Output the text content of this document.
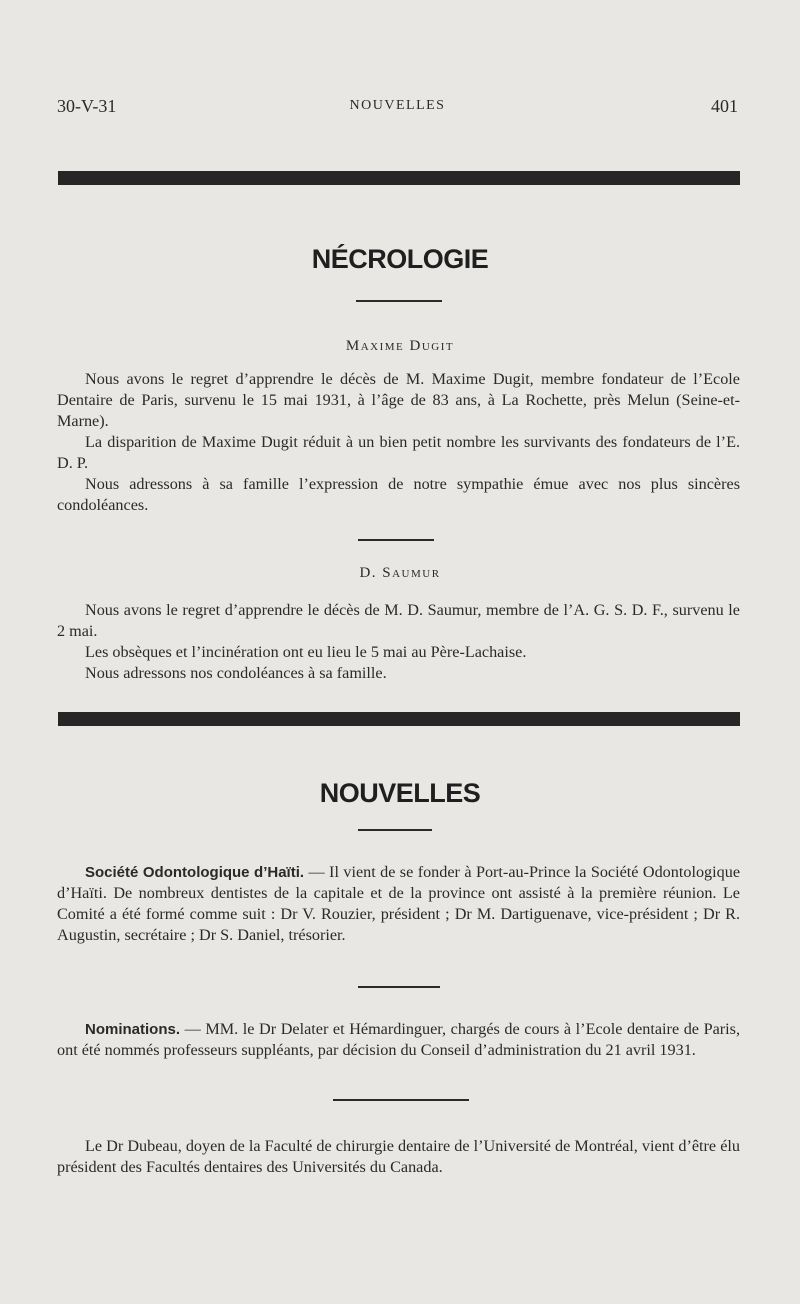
30-V-31	NOUVELLES	401
NÉCROLOGIE
Maxime Dugit

Nous avons le regret d’apprendre le décès de M. Maxime Dugit, membre fondateur de l’Ecole Dentaire de Paris, survenu le 15 mai 1931, à l’âge de 83 ans, à La Rochette, près Melun (Seine-et-Marne).

La disparition de Maxime Dugit réduit à un bien petit nombre les survivants des fondateurs de l’E. D. P.

Nous adressons à sa famille l’expression de notre sympathie émue avec nos plus sincères condoléances.

D. Saumur

Nous avons le regret d’apprendre le décès de M. D. Saumur, membre de l’A. G. S. D. F., survenu le 2 mai.

Les obsèques et l’incinération ont eu lieu le 5 mai au Père-Lachaise.

Nous adressons nos condoléances à sa famille.

NOUVELLES

Société Odontologique d’Haïti. — Il vient de se fonder à Port-au-Prince la Société Odontologique d’Haïti. De nombreux dentistes de la capitale et de la province ont assisté à la première réunion. Le Comité a été formé comme suit : Dr V. Rouzier, président ; Dr M. Dartiguenave, vice-président ; Dr R. Augustin, secrétaire ; Dr S. Daniel, trésorier.

Nominations. — MM. le Dr Delater et Hémardinguer, chargés de cours à l’Ecole dentaire de Paris, ont été nommés professeurs suppléants, par décision du Conseil d’administration du 21 avril 1931.

Le Dr Dubeau, doyen de la Faculté de chirurgie dentaire de l’Université de Montréal, vient d’être élu président des Facultés dentaires des Universités du Canada.
